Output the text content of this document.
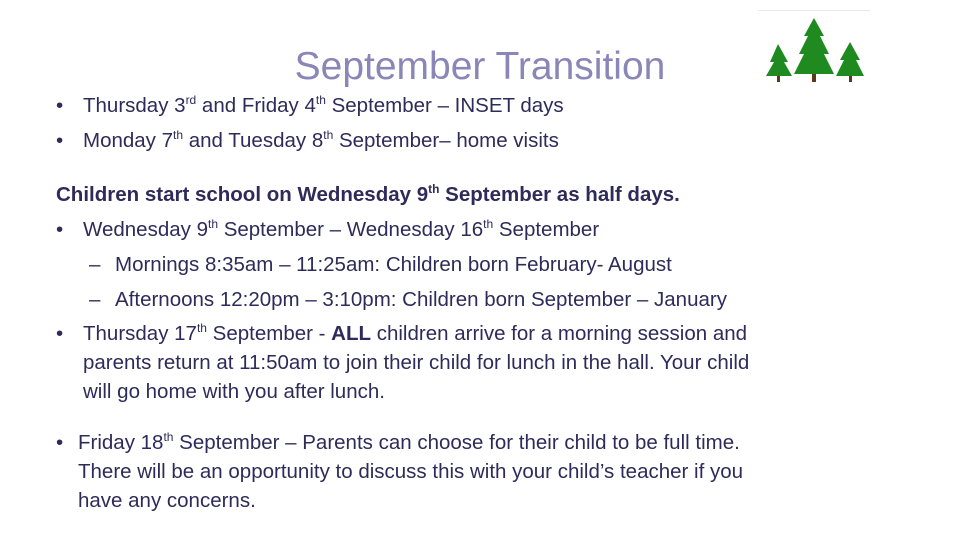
September Transition
• Thursday 3rd and Friday 4th September – INSET days
• Monday 7th and Tuesday 8th September– home visits
Children start school on Wednesday 9th September as half days.
• Wednesday 9th September – Wednesday 16th September
– Mornings 8:35am – 11:25am: Children born February- August
– Afternoons 12:20pm – 3:10pm: Children born September – January
• Thursday 17th September - ALL children arrive for a morning session and
parents return at 11:50am to join their child for lunch in the hall. Your child
will go home with you after lunch.
• Friday 18th September – Parents can choose for their child to be full time.
There will be an opportunity to discuss this with your child’s teacher if you
have any concerns.
